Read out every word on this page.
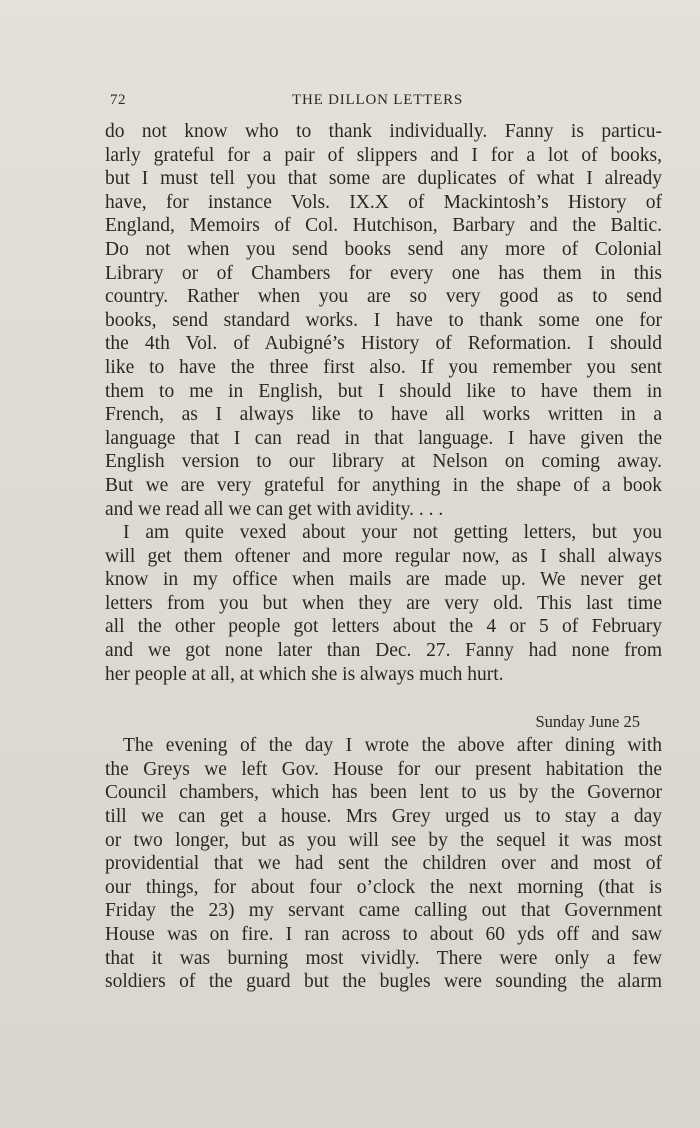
72	THE DILLON LETTERS
do not know who to thank individually. Fanny is particu-
larly grateful for a pair of slippers and I for a lot of books,
but I must tell you that some are duplicates of what I already
have, for instance Vols. IX.X of Mackintosh’s History of
England, Memoirs of Col. Hutchison, Barbary and the Baltic.
Do not when you send books send any more of Colonial
Library or of Chambers for every one has them in this
country. Rather when you are so very good as to send
books, send standard works. I have to thank some one for
the 4th Vol. of Aubigné’s History of Reformation. I should
like to have the three first also. If you remember you sent
them to me in English, but I should like to have them in
French, as I always like to have all works written in a
language that I can read in that language. I have given the
English version to our library at Nelson on coming away.
But we are very grateful for anything in the shape of a book
and we read all we can get with avidity. . . .
I am quite vexed about your not getting letters, but you
will get them oftener and more regular now, as I shall always
know in my office when mails are made up. We never get
letters from you but when they are very old. This last time
all the other people got letters about the 4 or 5 of February
and we got none later than Dec. 27. Fanny had none from
her people at all, at which she is always much hurt.
Sunday June 25
The evening of the day I wrote the above after dining with
the Greys we left Gov. House for our present habitation the
Council chambers, which has been lent to us by the Governor
till we can get a house. Mrs Grey urged us to stay a day
or two longer, but as you will see by the sequel it was most
providential that we had sent the children over and most of
our things, for about four o’clock the next morning (that is
Friday the 23) my servant came calling out that Government
House was on fire. I ran across to about 60 yds off and saw
that it was burning most vividly. There were only a few
soldiers of the guard but the bugles were sounding the alarm
